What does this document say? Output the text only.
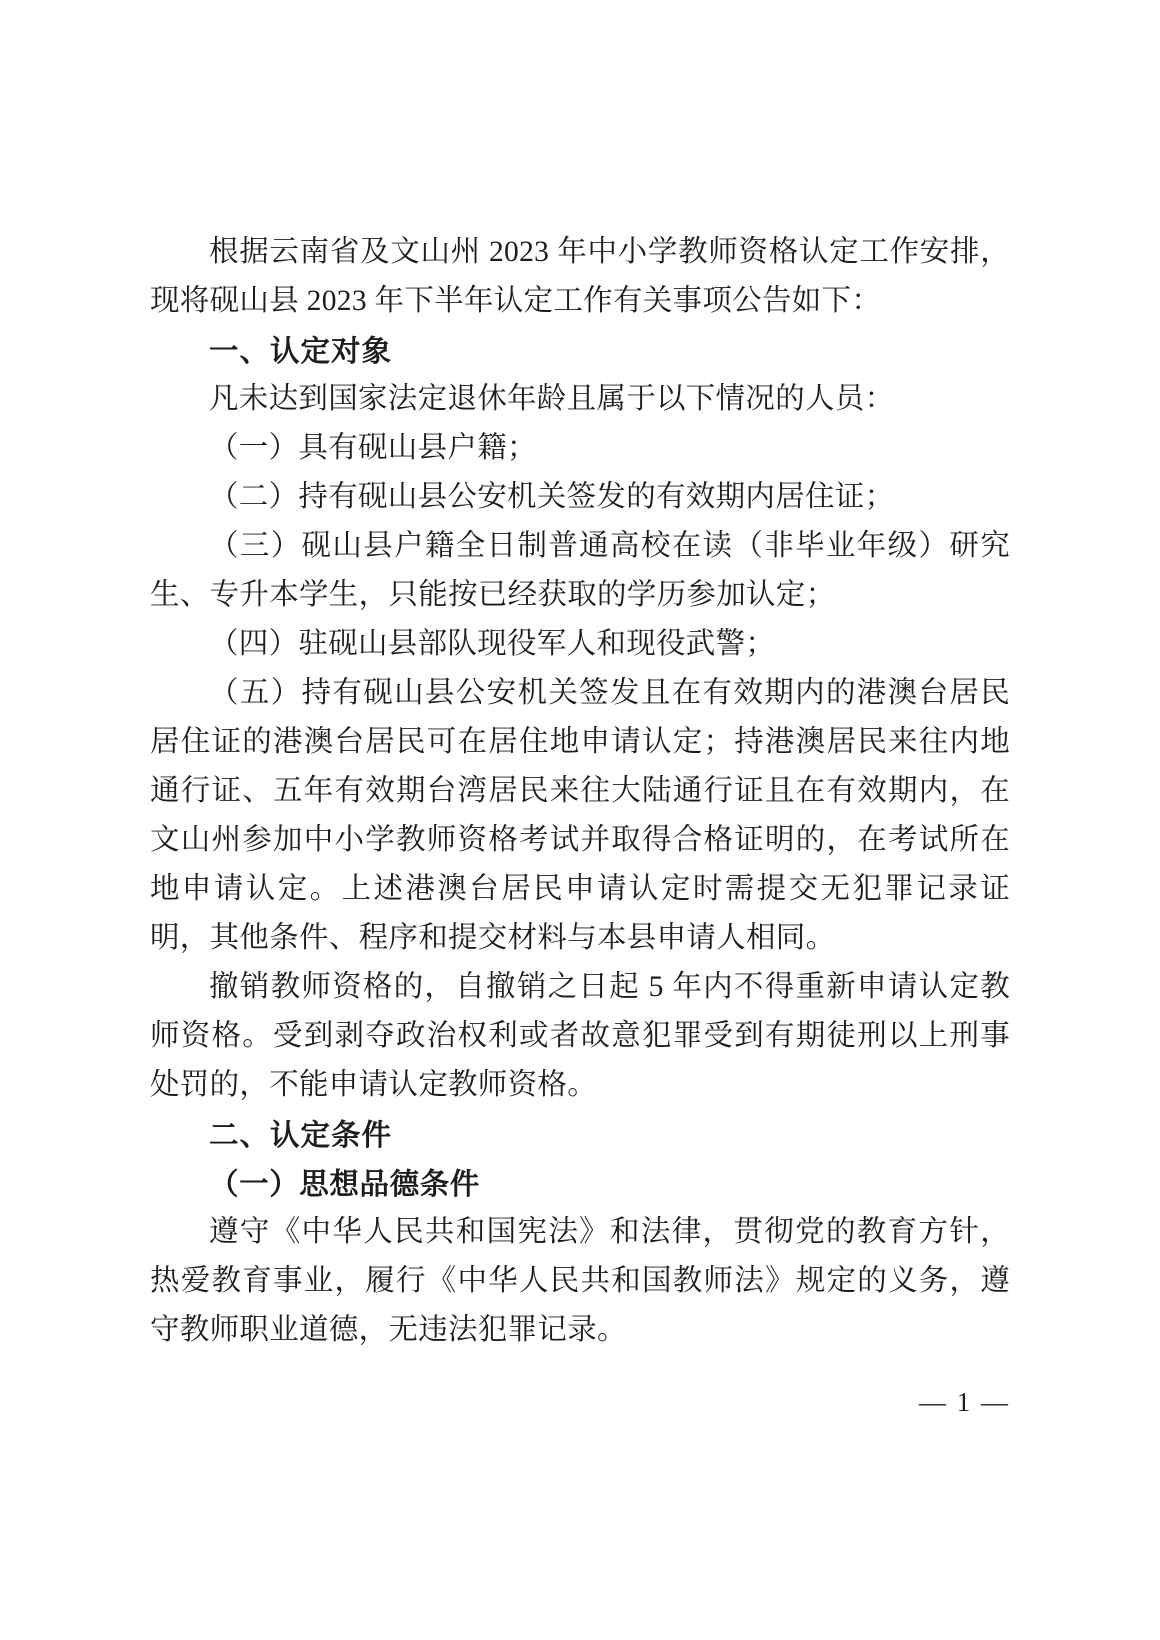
根据云南省及文山州 2023 年中小学教师资格认定工作安排，现将砚山县 2023 年下半年认定工作有关事项公告如下：

一、认定对象

凡未达到国家法定退休年龄且属于以下情况的人员：

（一）具有砚山县户籍；

（二）持有砚山县公安机关签发的有效期内居住证；

（三）砚山县户籍全日制普通高校在读（非毕业年级）研究生、专升本学生，只能按已经获取的学历参加认定；

（四）驻砚山县部队现役军人和现役武警；

（五）持有砚山县公安机关签发且在有效期内的港澳台居民居住证的港澳台居民可在居住地申请认定；持港澳居民来往内地通行证、五年有效期台湾居民来往大陆通行证且在有效期内，在文山州参加中小学教师资格考试并取得合格证明的，在考试所在地申请认定。上述港澳台居民申请认定时需提交无犯罪记录证明，其他条件、程序和提交材料与本县申请人相同。

撤销教师资格的，自撤销之日起 5 年内不得重新申请认定教师资格。受到剥夺政治权利或者故意犯罪受到有期徒刑以上刑事处罚的，不能申请认定教师资格。

二、认定条件

（一）思想品德条件

遵守《中华人民共和国宪法》和法律，贯彻党的教育方针，热爱教育事业，履行《中华人民共和国教师法》规定的义务，遵守教师职业道德，无违法犯罪记录。

— 1 —
